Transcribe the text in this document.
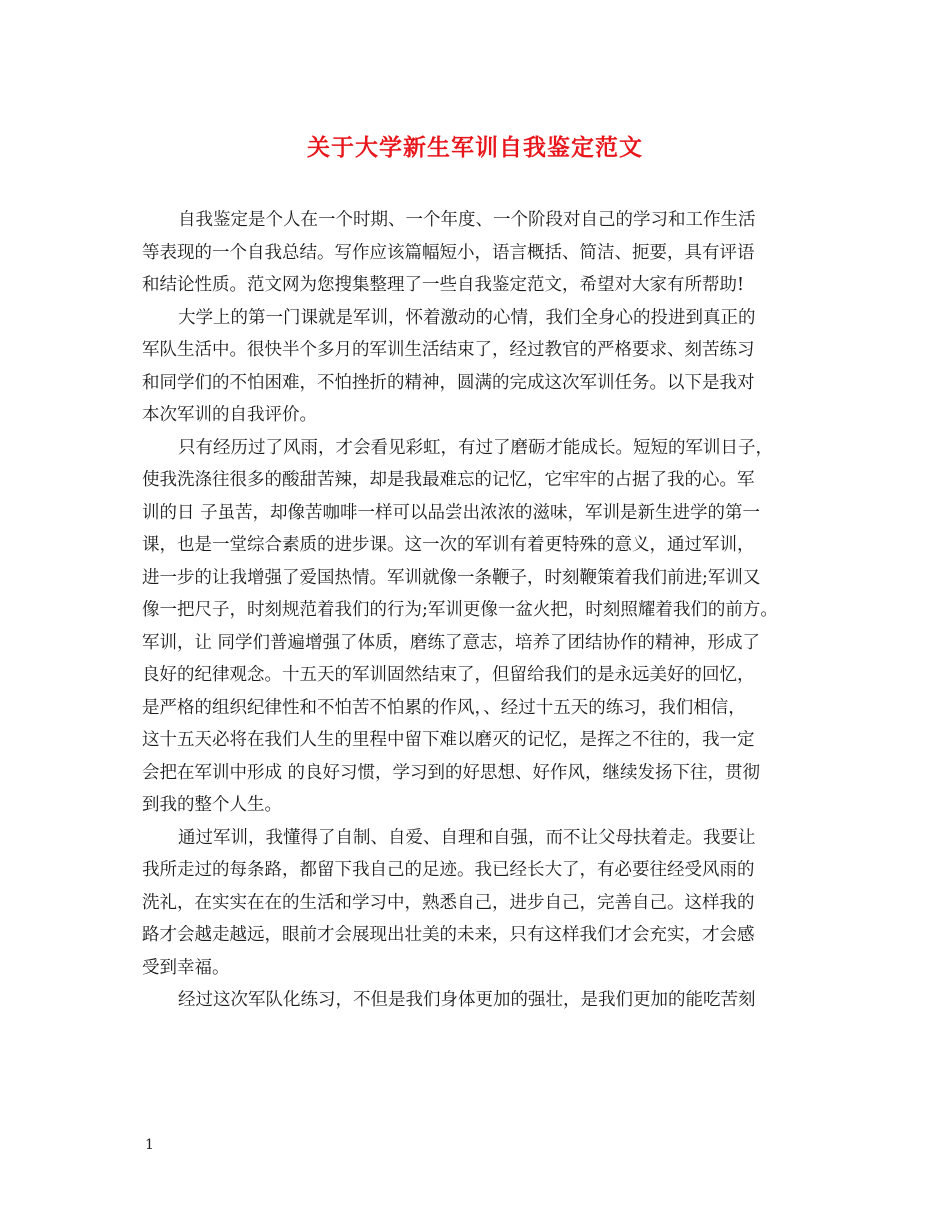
关于大学新生军训自我鉴定范文
自我鉴定是个人在一个时期、一个年度、一个阶段对自己的学习和工作生活
等表现的一个自我总结。写作应该篇幅短小，语言概括、简洁、扼要，具有评语
和结论性质。范文网为您搜集整理了一些自我鉴定范文，希望对大家有所帮助!
大学上的第一门课就是军训，怀着激动的心情，我们全身心的投进到真正的
军队生活中。很快半个多月的军训生活结束了，经过教官的严格要求、刻苦练习
和同学们的不怕困难，不怕挫折的精神，圆满的完成这次军训任务。以下是我对
本次军训的自我评价。
只有经历过了风雨，才会看见彩虹，有过了磨砺才能成长。短短的军训日子，
使我洗涤往很多的酸甜苦辣，却是我最难忘的记忆，它牢牢的占据了我的心。军
训的日 子虽苦，却像苦咖啡一样可以品尝出浓浓的滋味，军训是新生进学的第一
课，也是一堂综合素质的进步课。这一次的军训有着更特殊的意义，通过军训，
进一步的让我增强了爱国热情。军训就像一条鞭子，时刻鞭策着我们前进;军训又
像一把尺子，时刻规范着我们的行为;军训更像一盆火把，时刻照耀着我们的前方。
军训，让 同学们普遍增强了体质，磨练了意志，培养了团结协作的精神，形成了
良好的纪律观念。十五天的军训固然结束了，但留给我们的是永远美好的回忆，
是严格的组织纪律性和不怕苦不怕累的作风，、经过十五天的练习，我们相信，
这十五天必将在我们人生的里程中留下难以磨灭的记忆，是挥之不往的，我一定
会把在军训中形成 的良好习惯，学习到的好思想、好作风，继续发扬下往，贯彻
到我的整个人生。
通过军训，我懂得了自制、自爱、自理和自强，而不让父母扶着走。我要让
我所走过的每条路，都留下我自己的足迹。我已经长大了，有必要往经受风雨的
洗礼，在实实在在的生活和学习中，熟悉自己，进步自己，完善自己。这样我的
路才会越走越远，眼前才会展现出壮美的未来，只有这样我们才会充实，才会感
受到幸福。
经过这次军队化练习，不但是我们身体更加的强壮，是我们更加的能吃苦刻
1
